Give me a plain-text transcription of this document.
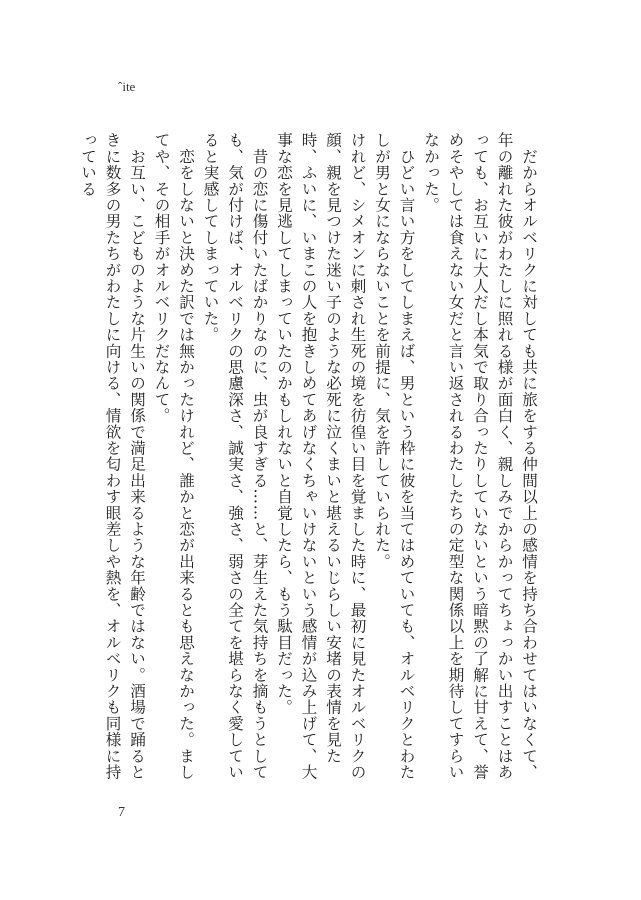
ˆite

　だからオルベリクに対しても共に旅をする仲間以上の感情を持ち合わせてはいなくて、年の離れた彼がわたしに照れる様が面白く、親しみでからかってちょっかい出すことはあっても、お互いに大人だし本気で取り合ったりしていないという暗黙の了解に甘えて、誉めそやしては食えない女だと言い返されるわたしたちの定型な関係以上を期待してすらいなかった。

　ひどい言い方をしてしまえば、男という枠に彼を当てはめていても、オルベリクとわたしが男と女にならないことを前提に、気を許していられた。

けれど、シメオンに刺され生死の境を彷徨い目を覚ました時に、最初に見たオルベリクの顔、親を見つけた迷い子のような必死に泣くまいと堪えるいじらしい安堵の表情を見た時、ふいに、いまこの人を抱きしめてあげなくちゃいけないという感情が込み上げて、大事な恋を見逃してしまっていたのかもしれないと自覚したら、もう駄目だった。

　昔の恋に傷付いたばかりなのに、虫が良すぎる……と、芽生えた気持ちを摘もうとしても、気が付けば、オルベリクの思慮深さ、誠実さ、強さ、弱さの全てを堪らなく愛していると実感してしまっていた。

　恋をしないと決めた訳では無かったけれど、誰かと恋が出来るとも思えなかった。ましてや、その相手がオルベリクだなんて。

　お互い、こどものような片生いの関係で満足出来るような年齢ではない。酒場で踊るときに数多の男たちがわたしに向ける、情欲を匂わす眼差しや熱を、オルベリクも同様に持っている

7
